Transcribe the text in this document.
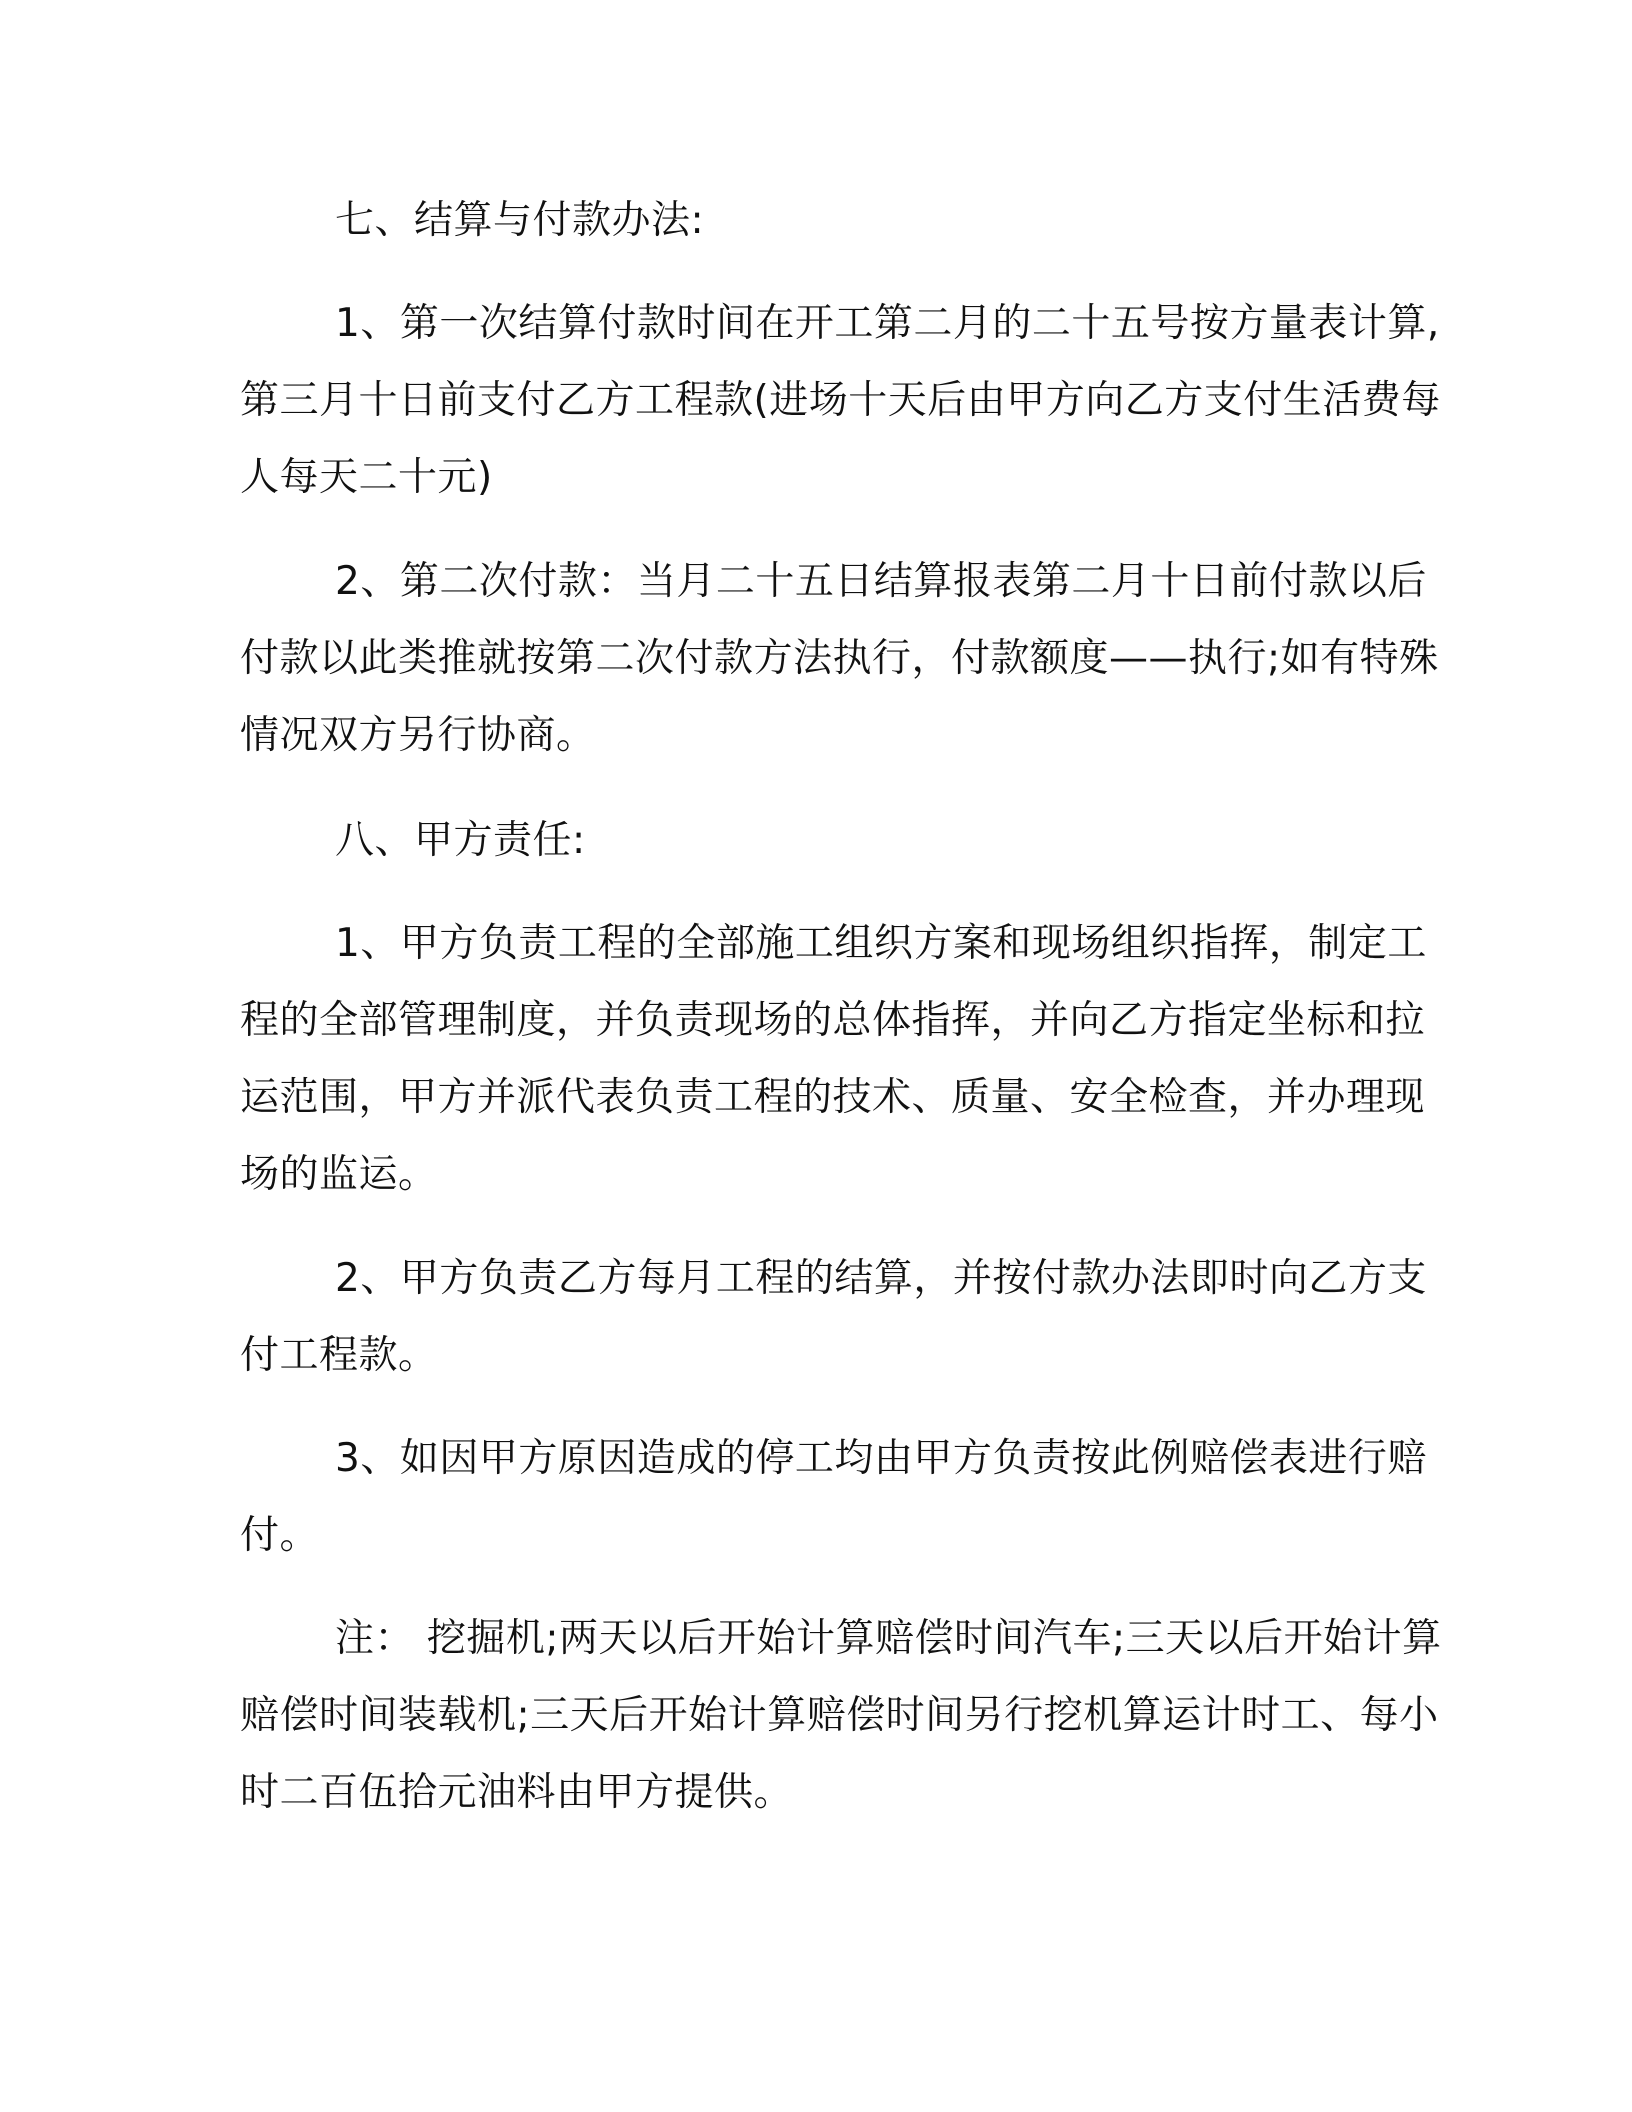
七、结算与付款办法:
1、第一次结算付款时间在开工第二月的二十五号按方量表计算,
第三月十日前支付乙方工程款(进场十天后由甲方向乙方支付生活费每
人每天二十元)
2、第二次付款：当月二十五日结算报表第二月十日前付款以后
付款以此类推就按第二次付款方法执行，付款额度——执行;如有特殊
情况双方另行协商。
八、甲方责任:
1、甲方负责工程的全部施工组织方案和现场组织指挥，制定工
程的全部管理制度，并负责现场的总体指挥，并向乙方指定坐标和拉
运范围，甲方并派代表负责工程的技术、质量、安全检查，并办理现
场的监运。
2、甲方负责乙方每月工程的结算，并按付款办法即时向乙方支
付工程款。
3、如因甲方原因造成的停工均由甲方负责按此例赔偿表进行赔
付。
注： 挖掘机;两天以后开始计算赔偿时间汽车;三天以后开始计算
赔偿时间装载机;三天后开始计算赔偿时间另行挖机算运计时工、每小
时二百伍拾元油料由甲方提供。
